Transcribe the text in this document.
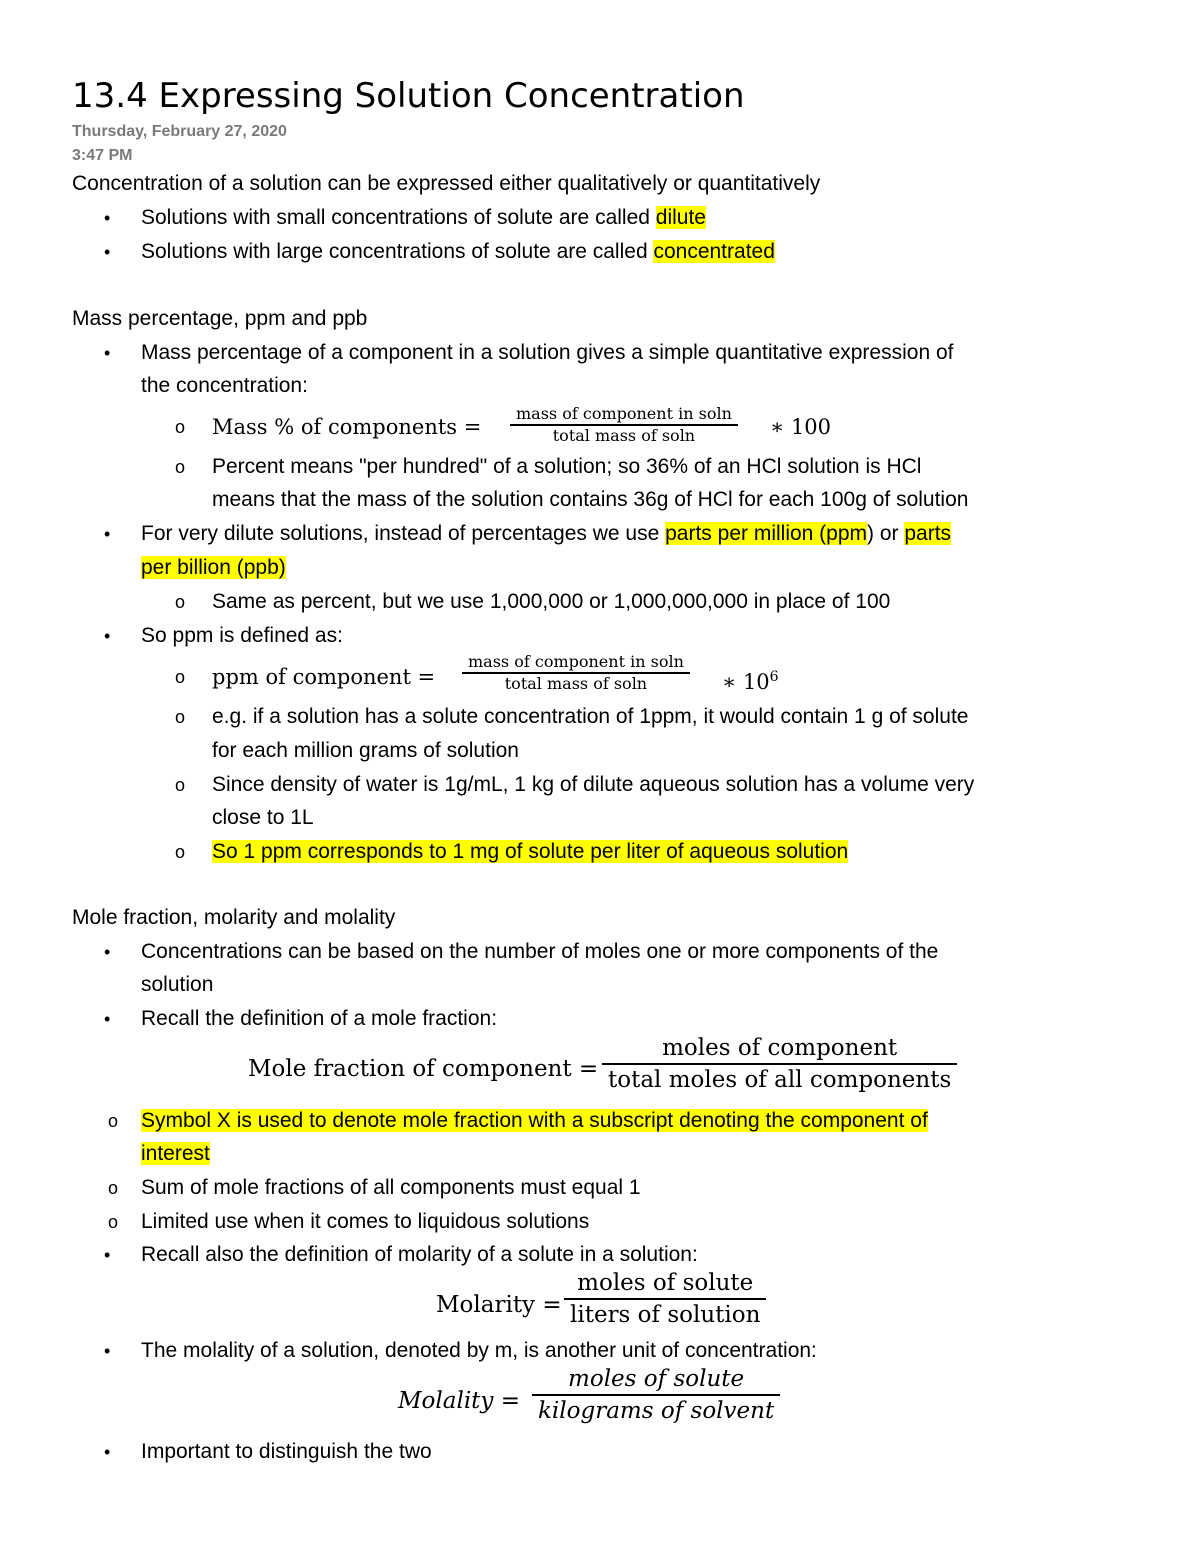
13.4 Expressing Solution Concentration
Thursday, February 27, 2020
3:47 PM
Concentration of a solution can be expressed either qualitatively or quantitatively
• Solutions with small concentrations of solute are called dilute
• Solutions with large concentrations of solute are called concentrated
Mass percentage, ppm and ppb
• Mass percentage of a component in a solution gives a simple quantitative expression of
the concentration:
o Mass % of components =
mass of component in soln
total mass of soln	∗ 100
o Percent means "per hundred" of a solution; so 36% of an HCl solution is HCl
means that the mass of the solution contains 36g of HCl for each 100g of solution
• For very dilute solutions, instead of percentages we use parts per million (ppm) or parts
per billion (ppb)
o Same as percent, but we use 1,000,000 or 1,000,000,000 in place of 100
• So ppm is defined as:
o ppm of component =
mass of component in soln
total mass of soln	∗ $10^6$
o e.g. if a solution has a solute concentration of 1ppm, it would contain 1 g of solute
for each million grams of solution
o Since density of water is 1g/mL, 1 kg of dilute aqueous solution has a volume very
close to 1L
o So 1 ppm corresponds to 1 mg of solute per liter of aqueous solution
Mole fraction, molarity and molality
• Concentrations can be based on the number of moles one or more components of the
solution
• Recall the definition of a mole fraction:
Mole fraction of component =
moles of component
total moles of all components
o Symbol X is used to denote mole fraction with a subscript denoting the component of
interest
o Sum of mole fractions of all components must equal 1
o Limited use when it comes to liquidous solutions
• Recall also the definition of molarity of a solute in a solution:
Molarity =
moles of solute
liters of solution
• The molality of a solution, denoted by m, is another unit of concentration:
Molality =
moles of solute
kilograms of solvent
• Important to distinguish the two
